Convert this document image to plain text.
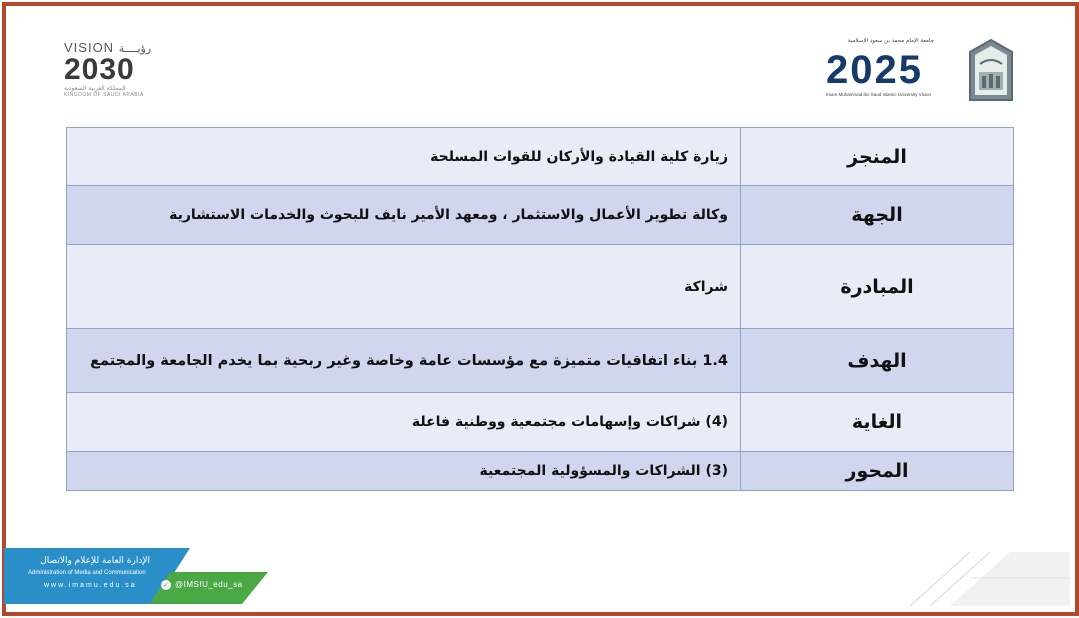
VISION رؤيــــة
2030
المملكة العربية السعودية
KINGDOM OF SAUDI ARABIA
جامعة الإمام محمد بن سعود الإسلامية
2025
Imam Muhammad ibn Saud Islamic University Vision
المنجز	زيارة كلية القيادة والأركان للقوات المسلحة
الجهة	وكالة تطوير الأعمال والاستثمار ، ومعهد الأمير نايف للبحوث والخدمات الاستشارية
المبادرة	شراكة
الهدف	1.4 بناء اتفاقيات متميزة مع مؤسسات عامة وخاصة وغير ربحية بما يخدم الجامعة والمجتمع
الغاية	(4) شراكات وإسهامات مجتمعية ووطنية فاعلة
المحور	(3) الشراكات والمسؤولية المجتمعية
الإدارة العامة للإعلام والاتصال
Administration of Media and Communication
www.imamu.edu.sa	✓ @IMSIU_edu_sa
